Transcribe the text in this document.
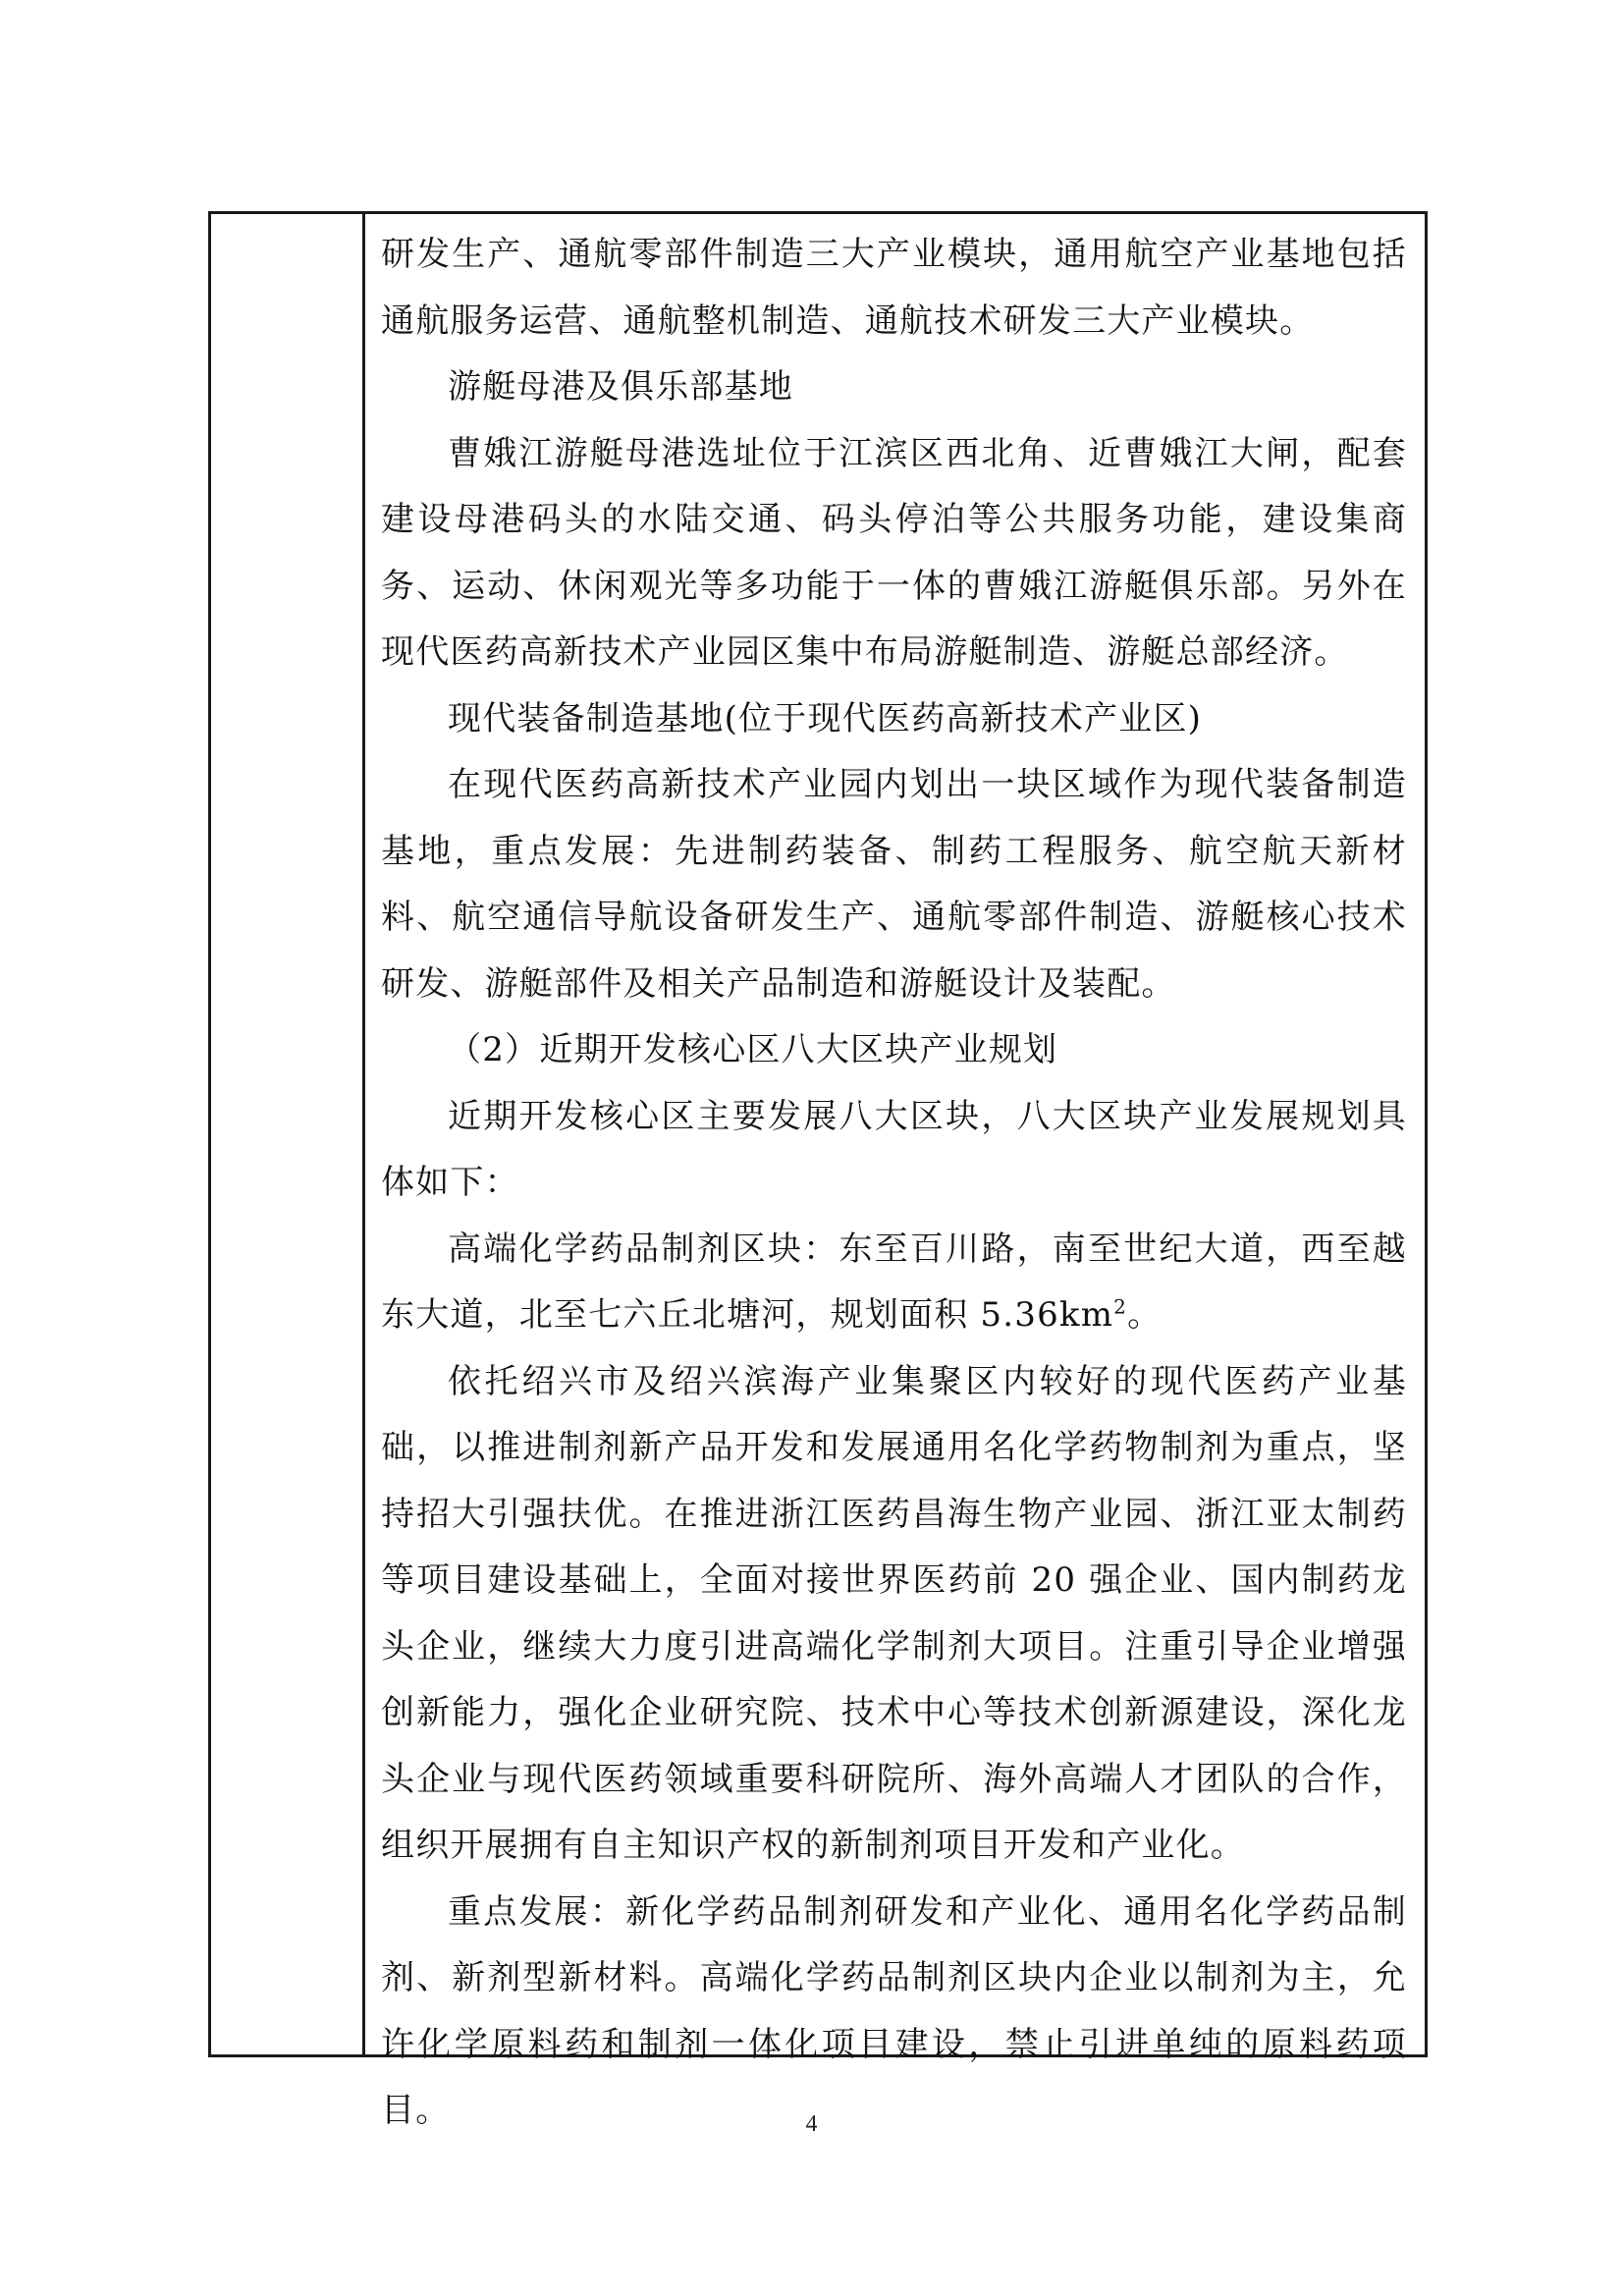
研发生产、通航零部件制造三大产业模块，通用航空产业基地包括通航服务运营、通航整机制造、通航技术研发三大产业模块。

游艇母港及俱乐部基地

曹娥江游艇母港选址位于江滨区西北角、近曹娥江大闸，配套建设母港码头的水陆交通、码头停泊等公共服务功能，建设集商务、运动、休闲观光等多功能于一体的曹娥江游艇俱乐部。另外在现代医药高新技术产业园区集中布局游艇制造、游艇总部经济。

现代装备制造基地(位于现代医药高新技术产业区)

在现代医药高新技术产业园内划出一块区域作为现代装备制造基地，重点发展：先进制药装备、制药工程服务、航空航天新材料、航空通信导航设备研发生产、通航零部件制造、游艇核心技术研发、游艇部件及相关产品制造和游艇设计及装配。

（2）近期开发核心区八大区块产业规划

近期开发核心区主要发展八大区块，八大区块产业发展规划具体如下：

高端化学药品制剂区块：东至百川路，南至世纪大道，西至越东大道，北至七六丘北塘河，规划面积 $5.36km^2$。

依托绍兴市及绍兴滨海产业集聚区内较好的现代医药产业基础，以推进制剂新产品开发和发展通用名化学药物制剂为重点，坚持招大引强扶优。在推进浙江医药昌海生物产业园、浙江亚太制药等项目建设基础上，全面对接世界医药前 20 强企业、国内制药龙头企业，继续大力度引进高端化学制剂大项目。注重引导企业增强创新能力，强化企业研究院、技术中心等技术创新源建设，深化龙头企业与现代医药领域重要科研院所、海外高端人才团队的合作，组织开展拥有自主知识产权的新制剂项目开发和产业化。

重点发展：新化学药品制剂研发和产业化、通用名化学药品制剂、新剂型新材料。高端化学药品制剂区块内企业以制剂为主，允许化学原料药和制剂一体化项目建设，禁止引进单纯的原料药项目。	4
